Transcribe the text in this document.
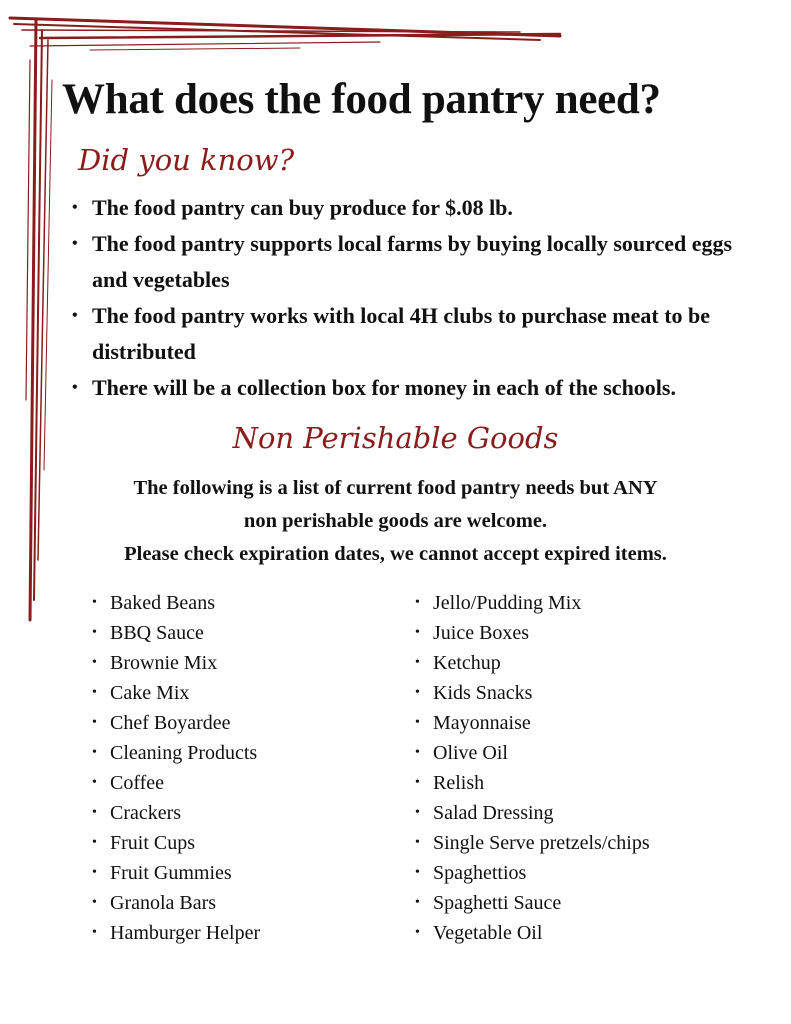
What does the food pantry need?
Did you know?
• The food pantry can buy produce for $.08 lb.
• The food pantry supports local farms by buying locally sourced eggs and vegetables
• The food pantry works with local 4H clubs to purchase meat to be distributed
• There will be a collection box for money in each of the schools.
Non Perishable Goods
The following is a list of current food pantry needs but ANY
non perishable goods are welcome.
Please check expiration dates, we cannot accept expired items.
• Baked Beans
• BBQ Sauce
• Brownie Mix
• Cake Mix
• Chef Boyardee
• Cleaning Products
• Coffee
• Crackers
• Fruit Cups
• Fruit Gummies
• Granola Bars
• Hamburger Helper
• Jello/Pudding Mix
• Juice Boxes
• Ketchup
• Kids Snacks
• Mayonnaise
• Olive Oil
• Relish
• Salad Dressing
• Single Serve pretzels/chips
• Spaghettios
• Spaghetti Sauce
• Vegetable Oil
